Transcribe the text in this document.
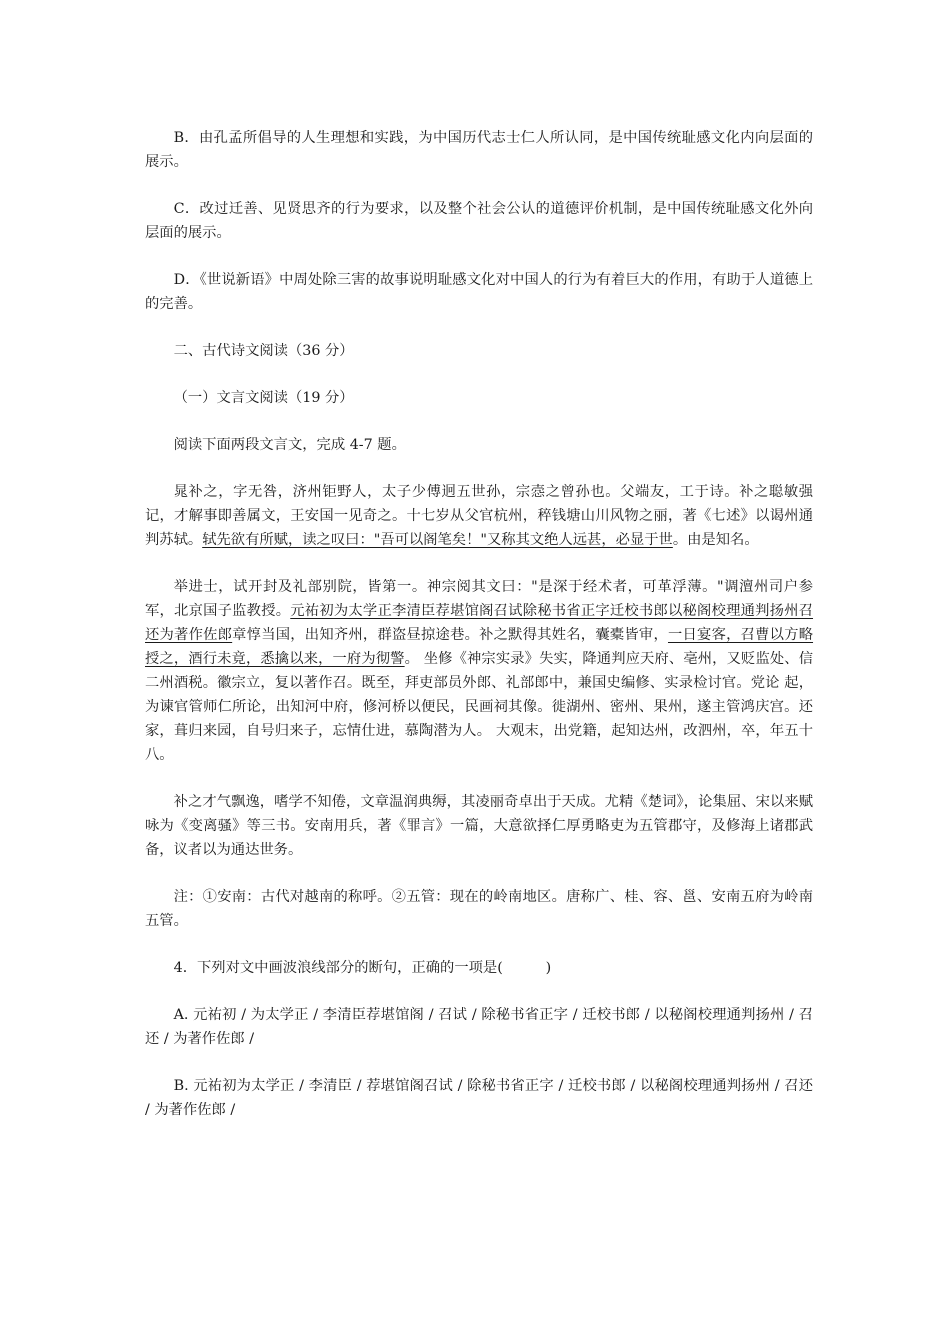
B．由孔孟所倡导的人生理想和实践，为中国历代志士仁人所认同，是中国传统耻感文化内向层面的展示。

C．改过迁善、见贤思齐的行为要求，以及整个社会公认的道德评价机制，是中国传统耻感文化外向层面的展示。

D．《世说新语》中周处除三害的故事说明耻感文化对中国人的行为有着巨大的作用，有助于人道德上的完善。

二、古代诗文阅读（36 分）

（一）文言文阅读（19 分）

阅读下面两段文言文，完成 4-7 题。

晁补之，字无咎，济州钜野人，太子少傅迥五世孙，宗悫之曾孙也。父端友，工于诗。补之聪敏强记，才解事即善属文，王安国一见奇之。十七岁从父官杭州，稡钱塘山川风物之丽，著《七述》以谒州通判苏轼。轼先欲有所赋，读之叹曰："吾可以阁笔矣！"又称其文绝人远甚，必显于世。由是知名。

举进士，试开封及礼部别院，皆第一。神宗阅其文曰："是深于经术者，可革浮薄。"调澶州司户参军，北京国子监教授。元祐初为太学正李清臣荐堪馆阁召试除秘书省正字迁校书郎以秘阁校理通判扬州召还为著作佐郎章惇当国，出知齐州，群盗昼掠途巷。补之默得其姓名，囊橐皆审，一日宴客，召曹以方略授之，酒行未竟，悉擒以来，一府为彻警。 坐修《神宗实录》失实，降通判应天府、亳州，又贬监处、信二州酒税。徽宗立，复以著作召。既至，拜吏部员外郎、礼部郎中，兼国史编修、实录检讨官。党论 起，为谏官管师仁所论，出知河中府，修河桥以便民，民画祠其像。徙湖州、密州、果州，遂主管鸿庆宫。还家，葺归来园，自号归来子，忘情仕进，慕陶潜为人。 大观末，出党籍，起知达州，改泗州，卒，年五十八。

补之才气飘逸，嗜学不知倦，文章温润典缛，其凌丽奇卓出于天成。尤精《楚词》，论集屈、宋以来赋咏为《变离骚》等三书。安南用兵，著《罪言》一篇，大意欲择仁厚勇略吏为五管郡守，及修海上诸郡武备，议者以为通达世务。

注：①安南：古代对越南的称呼。②五管：现在的岭南地区。唐称广、桂、容、邕、安南五府为岭南五管。

4．下列对文中画波浪线部分的断句，正确的一项是(　　　)

A. 元祐初 / 为太学正 / 李清臣荐堪馆阁 / 召试 / 除秘书省正字 / 迁校书郎 / 以秘阁校理通判扬州 / 召还 / 为著作佐郎 /

B. 元祐初为太学正 / 李清臣 / 荐堪馆阁召试 / 除秘书省正字 / 迁校书郎 / 以秘阁校理通判扬州 / 召还 / 为著作佐郎 /
